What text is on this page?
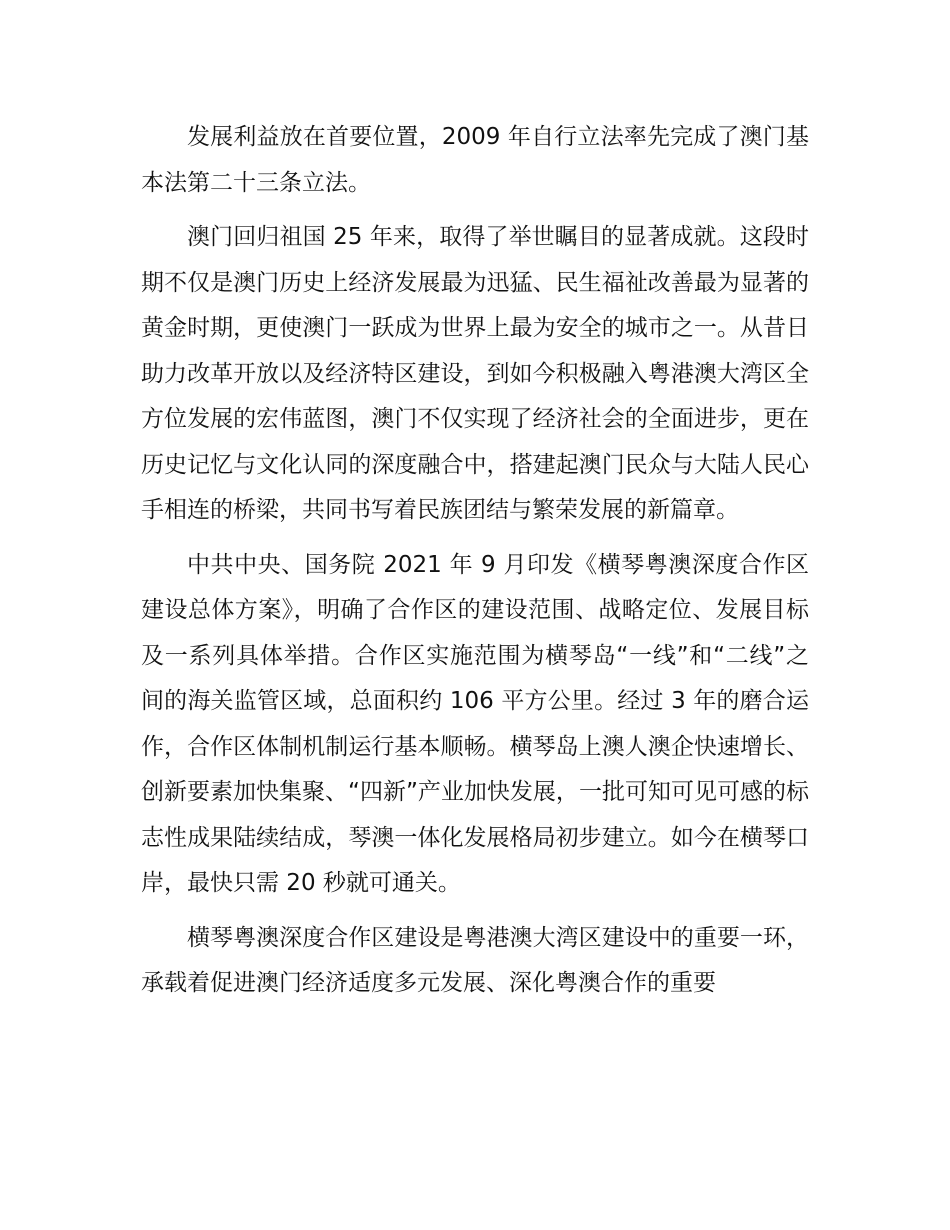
发展利益放在首要位置，2009 年自行立法率先完成了澳门基本法第二十三条立法。

澳门回归祖国 25 年来，取得了举世瞩目的显著成就。这段时期不仅是澳门历史上经济发展最为迅猛、民生福祉改善最为显著的黄金时期，更使澳门一跃成为世界上最为安全的城市之一。从昔日助力改革开放以及经济特区建设，到如今积极融入粤港澳大湾区全方位发展的宏伟蓝图，澳门不仅实现了经济社会的全面进步，更在历史记忆与文化认同的深度融合中，搭建起澳门民众与大陆人民心手相连的桥梁，共同书写着民族团结与繁荣发展的新篇章。

中共中央、国务院 2021 年 9 月印发《横琴粤澳深度合作区建设总体方案》，明确了合作区的建设范围、战略定位、发展目标及一系列具体举措。合作区实施范围为横琴岛“一线”和“二线”之间的海关监管区域，总面积约 106 平方公里。经过 3 年的磨合运作，合作区体制机制运行基本顺畅。横琴岛上澳人澳企快速增长、创新要素加快集聚、“四新”产业加快发展，一批可知可见可感的标志性成果陆续结成，琴澳一体化发展格局初步建立。如今在横琴口岸，最快只需 20 秒就可通关。

横琴粤澳深度合作区建设是粤港澳大湾区建设中的重要一环，承载着促进澳门经济适度多元发展、深化粤澳合作的重要
